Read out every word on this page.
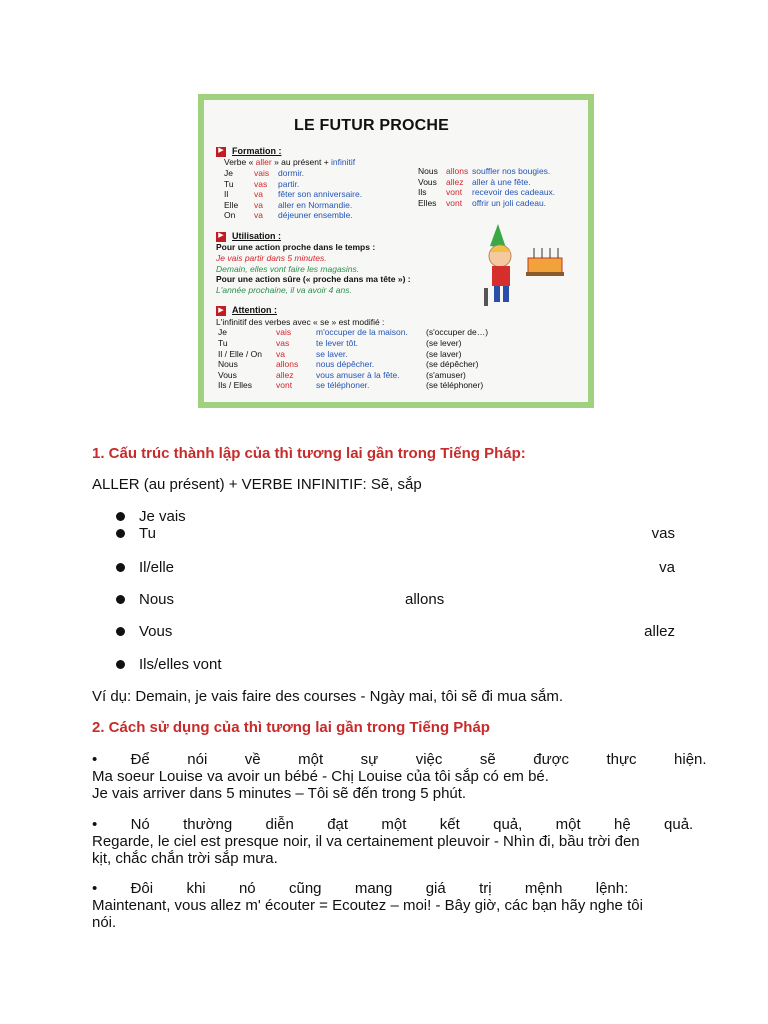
LE FUTUR PROCHE
▶ Formation :
Verbe « aller » au présent + infinitif
Je	vais	dormir.
Tu	vas	partir.
Il	va	fêter son anniversaire.
Elle	va	aller en Normandie.
On	va	déjeuner ensemble.
Nous allons souffler nos bougies.
Vous	allez	aller à une fête.
Ils	vont	recevoir des cadeaux.
Elles	vont	offrir un joli cadeau.
▶ Utilisation :
Pour une action proche dans le temps :
Je vais partir dans 5 minutes.
Demain, elles vont faire les magasins.
Pour une action sûre (« proche dans ma tête ») :
L'année prochaine, il va avoir 4 ans.
▶ Attention :
L'infinitif des verbes avec « se » est modifié :
Je	vais	m'occuper de la maison.	(s'occuper de…)
Tu	vas	te lever tôt.	(se lever)
Il / Elle / On	va	se laver.	(se laver)
Nous	allons	nous dépêcher.	(se dépêcher)
Vous	allez	vous amuser à la fête.	(s'amuser)
Ils / Elles	vont	se téléphoner.	(se téléphoner)
1. Cấu trúc thành lập của thì tương lai gần trong Tiếng Pháp:
ALLER (au présent) + VERBE INFINITIF: Sẽ, sắp
Je vais
Tu	vas
Il/elle	va
Nous	allons
Vous	allez
Ils/elles vont
Ví dụ: Demain, je vais faire des courses - Ngày mai, tôi sẽ đi mua sắm.
2. Cách sử dụng của thì tương lai gần trong Tiếng Pháp
•        Để         nói         về         một         sự         việc         sẽ         được         thực         hiện.
Ma soeur Louise va avoir un bébé - Chị Louise của tôi sắp có em bé.
Je vais arriver dans 5 minutes – Tôi sẽ đến trong 5 phút.
•        Nó        thường        diễn        đạt        một        kết        quả,        một        hệ        quả.
Regarde, le ciel est presque noir, il va certainement pleuvoir - Nhìn đi, bầu trời đen
kịt, chắc chắn trời sắp mưa.
•        Đôi        khi        nó        cũng        mang        giá        trị        mệnh        lệnh:
Maintenant, vous allez m' écouter = Ecoutez – moi! - Bây giờ, các bạn hãy nghe tôi
nói.
